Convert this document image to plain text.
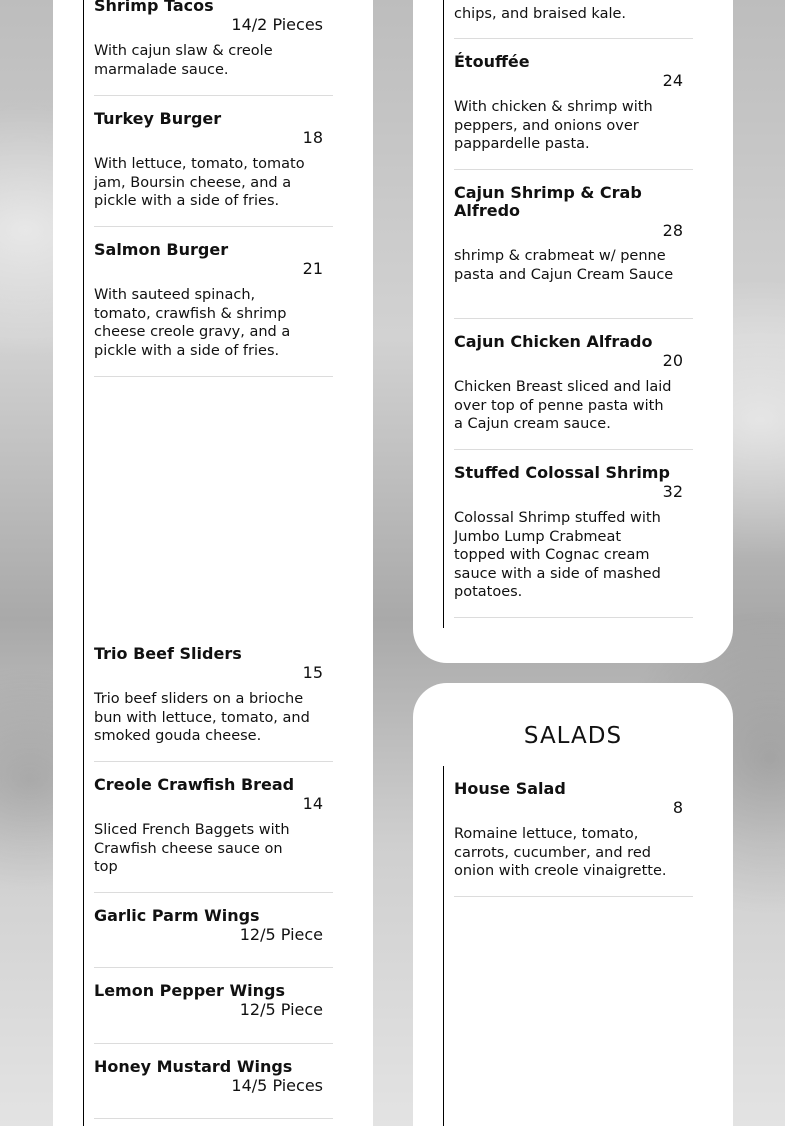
Shrimp Tacos
14/2 Pieces
With cajun slaw & creole marmalade sauce.
Turkey Burger
18
With lettuce, tomato, tomato jam, Boursin cheese, and a pickle with a side of fries.
Salmon Burger
21
With sauteed spinach, tomato, crawfish & shrimp cheese creole gravy, and a pickle with a side of fries.
Trio Beef Sliders
15
Trio beef sliders on a brioche bun with lettuce, tomato, and smoked gouda cheese.
Creole Crawfish Bread
14
Sliced French Baggets with Crawfish cheese sauce on top
Garlic Parm Wings
12/5 Piece
Lemon Pepper Wings
12/5 Piece
Honey Mustard Wings
14/5 Pieces
chips, and braised kale.
Étouffée
24
With chicken & shrimp with peppers, and onions over pappardelle pasta.
Cajun Shrimp & Crab Alfredo
28
shrimp & crabmeat w/ penne pasta and Cajun Cream Sauce
Cajun Chicken Alfrado
20
Chicken Breast sliced and laid over top of penne pasta with a Cajun cream sauce.
Stuffed Colossal Shrimp
32
Colossal Shrimp stuffed with Jumbo Lump Crabmeat topped with Cognac cream sauce with a side of mashed potatoes.
SALADS
House Salad
8
Romaine lettuce, tomato, carrots, cucumber, and red onion with creole vinaigrette.
